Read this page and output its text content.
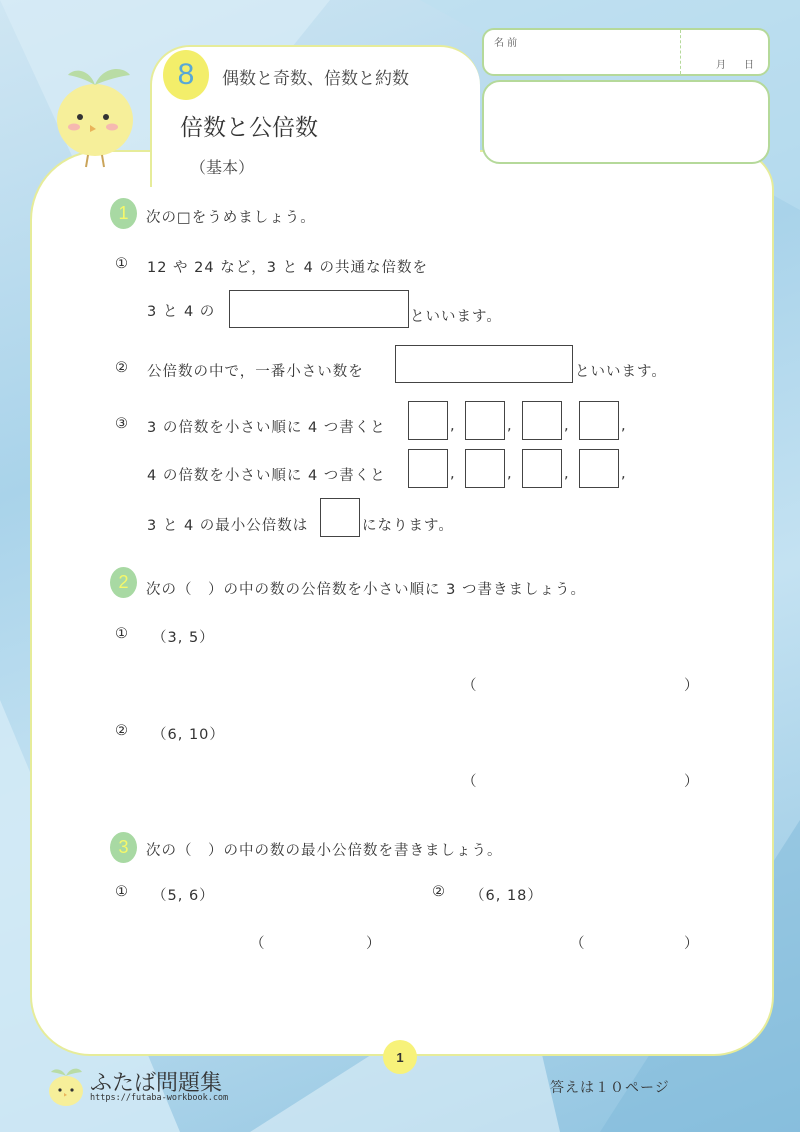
8	偶数と奇数、倍数と約数
倍数と公倍数
（基本）
名 前
月 日
1	次の□をうめましょう。
① 12 や 24 など，3 と 4 の共通な倍数を
3 と 4 の	といいます。
② 公倍数の中で，一番小さい数を	といいます。
③ 3 の倍数を小さい順に 4 つ書くと	,	,	,	,
4 の倍数を小さい順に 4 つ書くと	,	,	,	,
3 と 4 の最小公倍数は	になります。
2	次の（　）の中の数の公倍数を小さい順に 3 つ書きましょう。
① （3, 5）
（	）
② （6, 10）
（	）
3	次の（　）の中の数の最小公倍数を書きましょう。
① （5, 6）	② （6, 18）
（	）	（	）
1
ふたば問題集
https://futaba-workbook.com
答えは１０ページ
